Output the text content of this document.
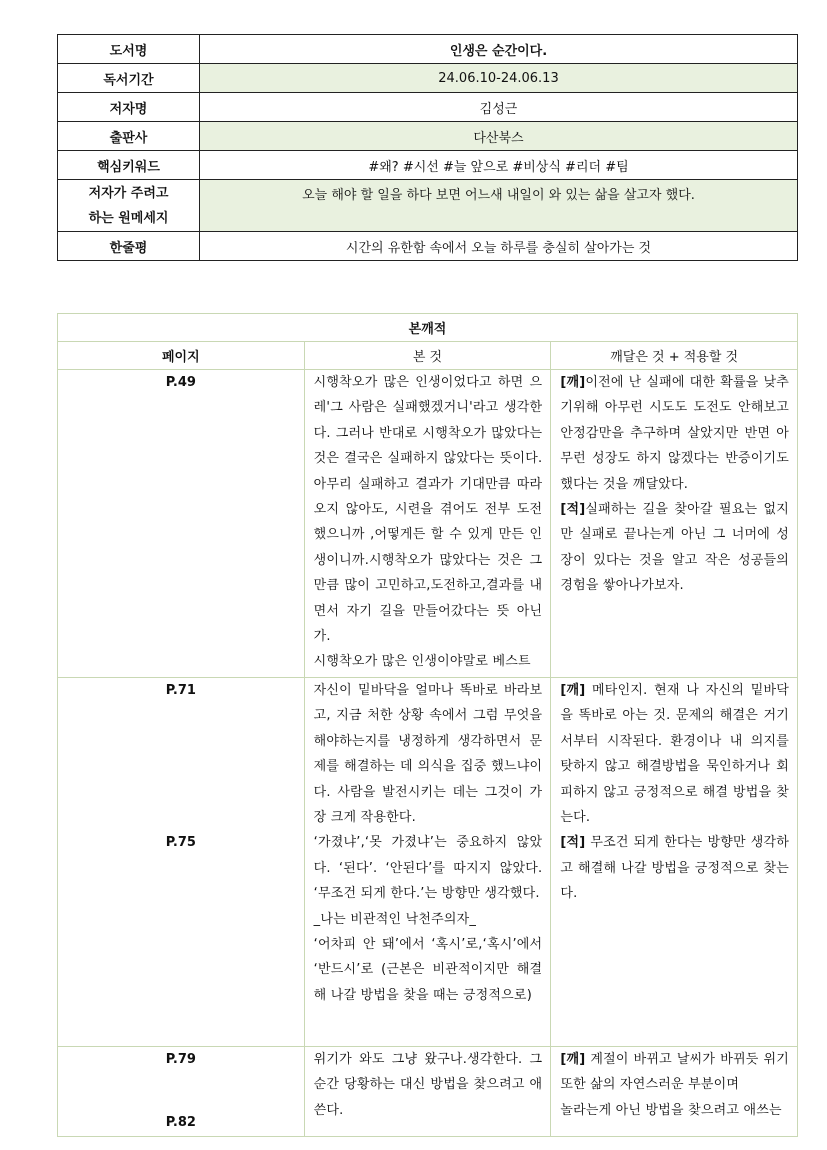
도서명	인생은 순간이다.
독서기간	24.06.10-24.06.13
저자명	김성근
출판사	다산북스
핵심키워드	#왜? #시선 #늘 앞으로 #비상식 #리더 #팀
저자가 주려고
하는 원메세지	오늘 해야 할 일을 하다 보면 어느새 내일이 와 있는 삶을 살고자 했다.
한줄평	시간의 유한함 속에서 오늘 하루를 충실히 살아가는 것
본깨적		
페이지	본 것	깨달은 것 + 적용할 것

P.49	시행착오가 많은 인생이었다고 하면 으레'그 사람은 실패했겠거니'라고 생각한다. 그러나 반대로 시행착오가 많았다는 것은 결국은 실패하지 않았다는 뜻이다. 아무리 실패하고 결과가 기대만큼 따라오지 않아도, 시련을 겪어도 전부 도전했으니까 ,어떻게든 할 수 있게 만든 인생이니까.시행착오가 많았다는 것은 그만큼 많이 고민하고,도전하고,결과를 내면서 자기 길을 만들어갔다는 뜻 아닌가.
시행착오가 많은 인생이야말로 베스트	[깨]이전에 난 실패에 대한 확률을 낮추기위해 아무런 시도도 도전도 안해보고 안정감만을 추구하며 살았지만 반면 아무런 성장도 하지 않겠다는 반증이기도 했다는 것을 깨달았다.
[적]실패하는 길을 찾아갈 필요는 없지만 실패로 끝나는게 아닌 그 너머에 성장이 있다는 것을 알고 작은 성공들의 경험을 쌓아나가보자.

P.71
P.75	자신이 밑바닥을 얼마나 똑바로 바라보고, 지금 처한 상황 속에서 그럼 무엇을 해야하는지를 냉정하게 생각하면서 문제를 해결하는 데 의식을 집중 했느냐이다. 사람을 발전시키는 데는 그것이 가장 크게 작용한다.
‘가졌냐’,‘못 가졌냐’는 중요하지 않았다. ‘된다’. ‘안된다’를 따지지 않았다. ‘무조건 되게 한다.’는 방향만 생각했다.
_나는 비관적인 낙천주의자_
‘어차피 안 돼’에서 ‘혹시’로,‘혹시’에서 ‘반드시’로 (근본은 비관적이지만 해결해 나갈 방법을 찾을 때는 긍정적으로)	[깨] 메타인지. 현재 나 자신의 밑바닥을 똑바로 아는 것. 문제의 해결은 거기서부터 시작된다. 환경이나 내 의지를 탓하지 않고 해결방법을 묵인하거나 회피하지 않고 긍정적으로 해결 방법을 찾는다.
[적] 무조건 되게 한다는 방향만 생각하고 해결해 나갈 방법을 긍정적으로 찾는다.

P.79
P.82	위기가 와도 그냥 왔구나.생각한다. 그 순간 당황하는 대신 방법을 찾으려고 애쓴다.	[깨] 계절이 바뀌고 날씨가 바뀌듯 위기 또한 삶의 자연스러운 부분이며
놀라는게 아닌 방법을 찾으려고 애쓰는
